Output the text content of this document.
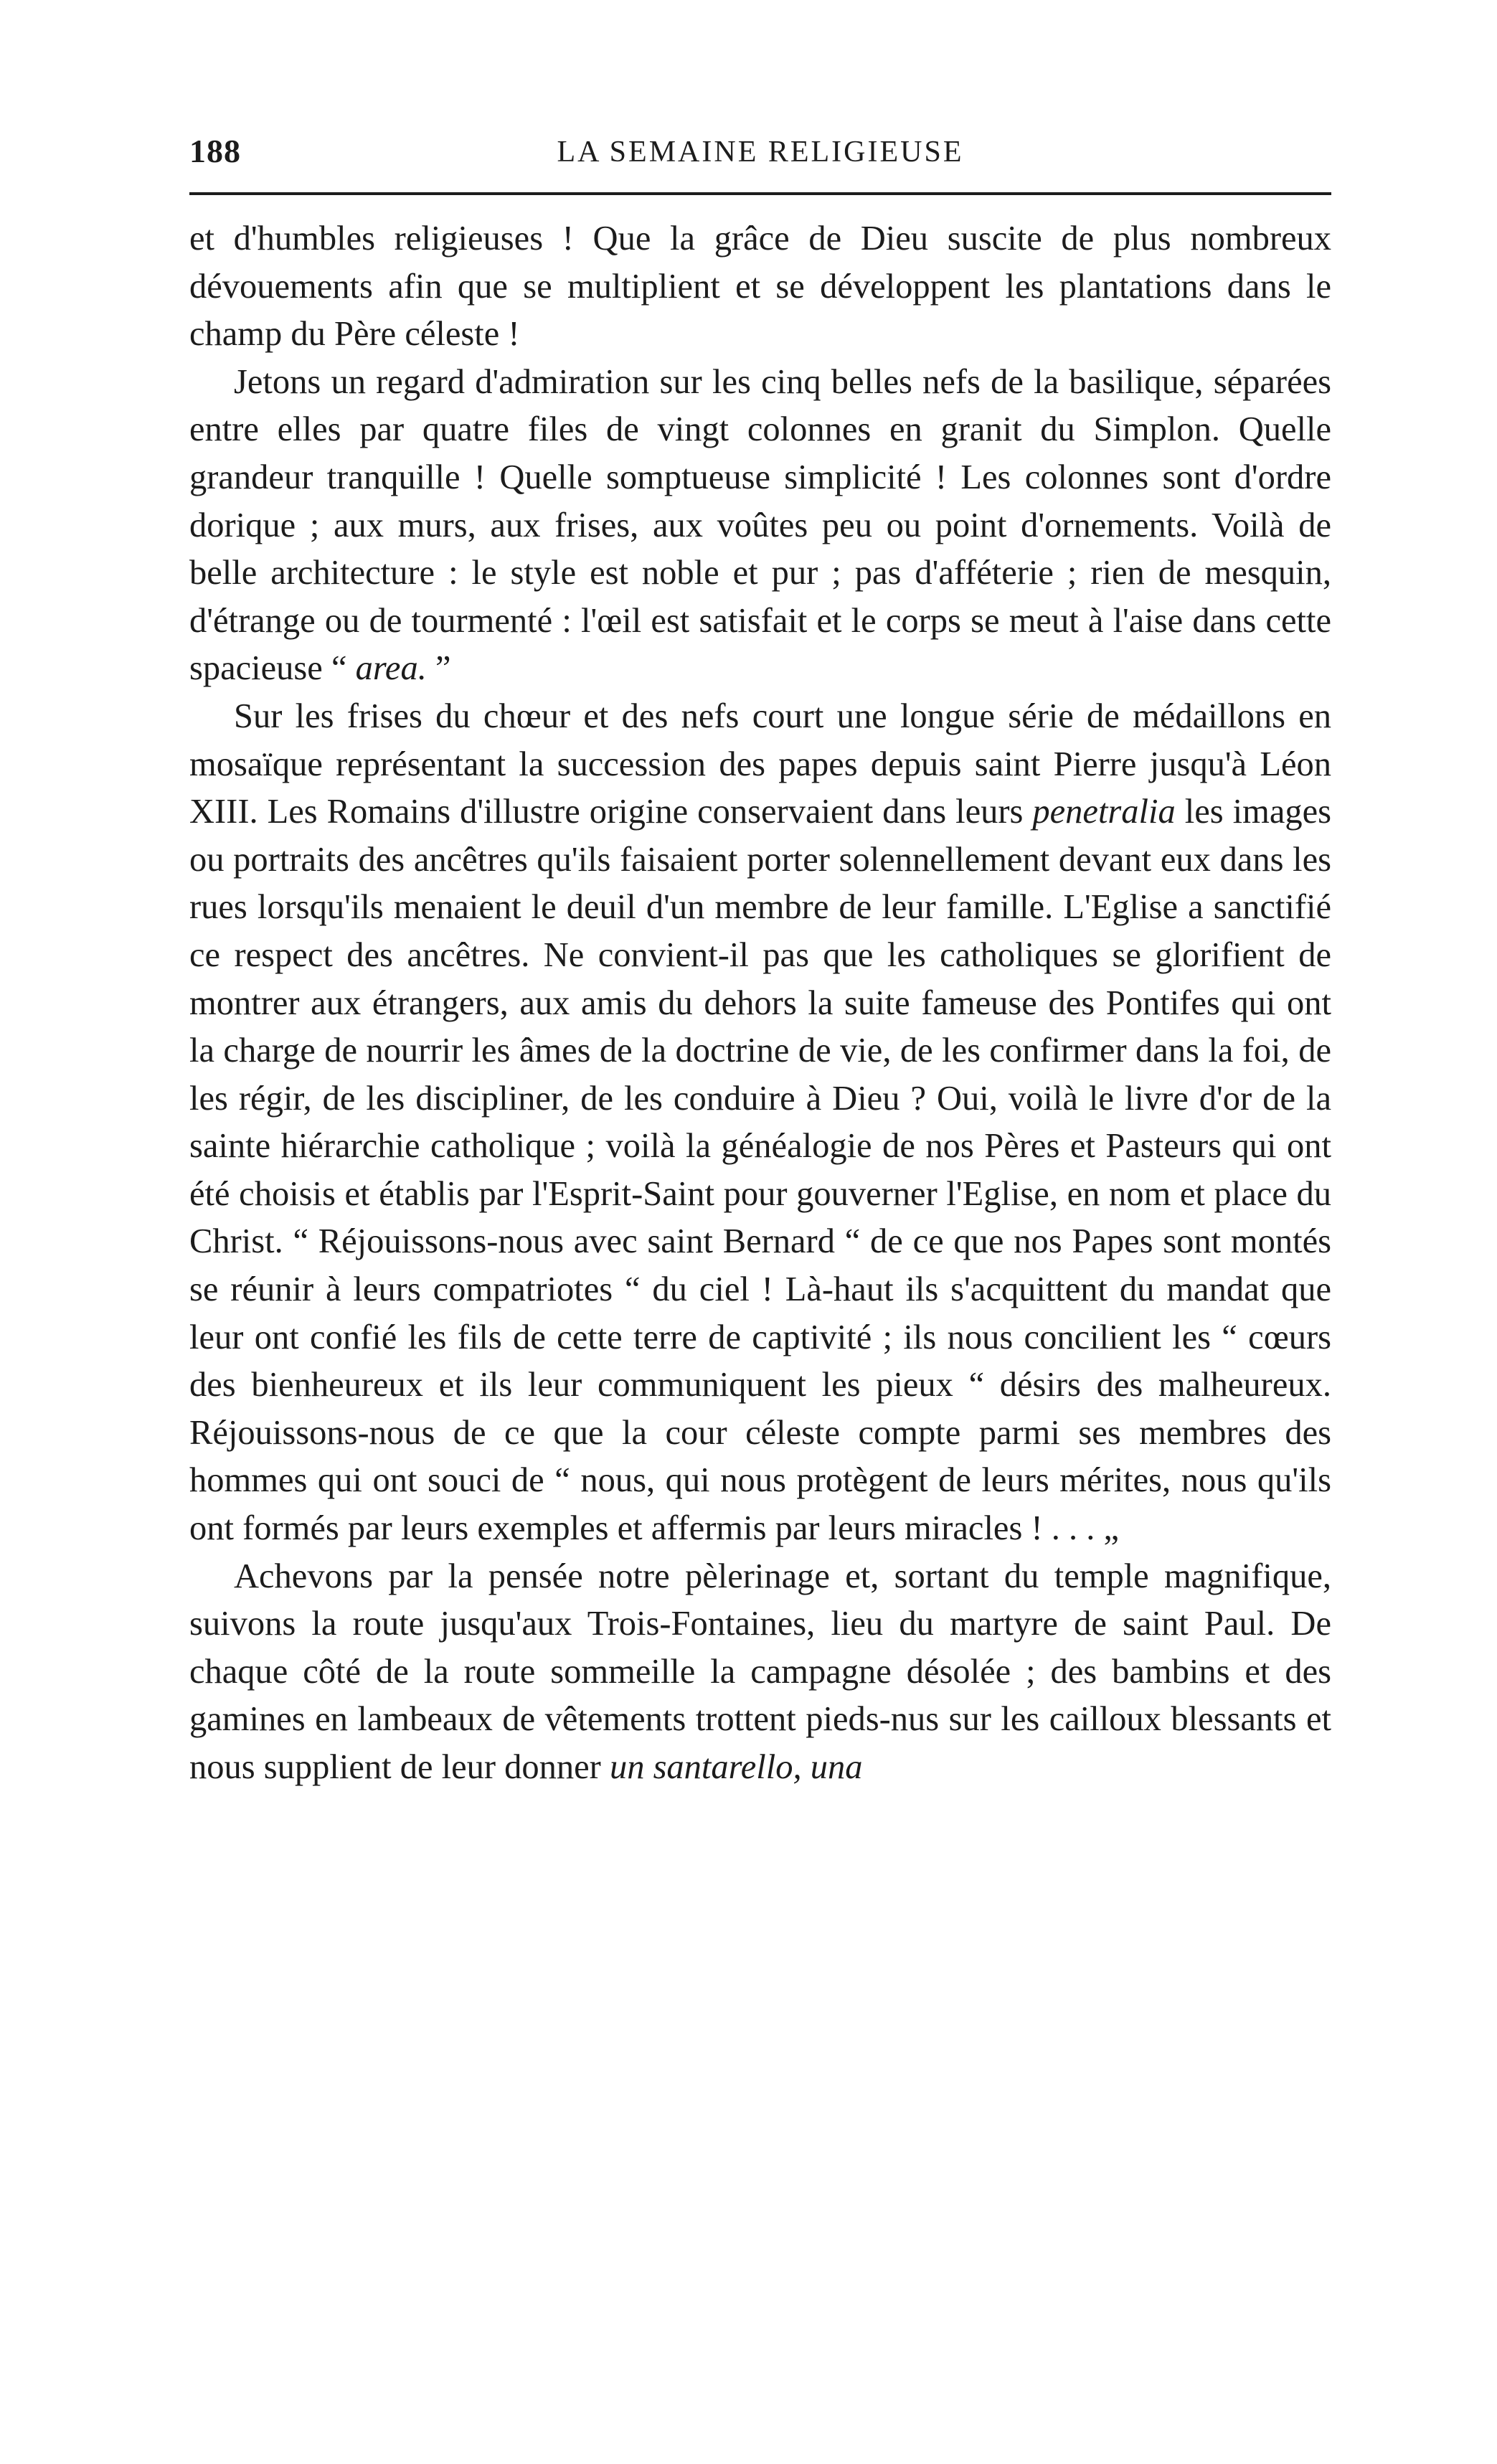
188	LA SEMAINE RELIGIEUSE

et d'humbles religieuses ! Que la grâce de Dieu suscite de plus nombreux dévouements afin que se multiplient et se développent les plantations dans le champ du Père céleste !

Jetons un regard d'admiration sur les cinq belles nefs de la basilique, séparées entre elles par quatre files de vingt colonnes en granit du Simplon. Quelle grandeur tranquille ! Quelle somptueuse simplicité ! Les colonnes sont d'ordre dorique ; aux murs, aux frises, aux voûtes peu ou point d'ornements. Voilà de belle architecture : le style est noble et pur ; pas d'afféterie ; rien de mesquin, d'étrange ou de tourmenté : l'œil est satisfait et le corps se meut à l'aise dans cette spacieuse “ area. ”

Sur les frises du chœur et des nefs court une longue série de médaillons en mosaïque représentant la succession des papes depuis saint Pierre jusqu'à Léon XIII. Les Romains d'illustre origine conservaient dans leurs penetralia les images ou portraits des ancêtres qu'ils faisaient porter solennellement devant eux dans les rues lorsqu'ils menaient le deuil d'un membre de leur famille. L'Eglise a sanctifié ce respect des ancêtres. Ne convient-il pas que les catholiques se glorifient de montrer aux étrangers, aux amis du dehors la suite fameuse des Pontifes qui ont la charge de nourrir les âmes de la doctrine de vie, de les confirmer dans la foi, de les régir, de les discipliner, de les conduire à Dieu ? Oui, voilà le livre d'or de la sainte hiérarchie catholique ; voilà la généalogie de nos Pères et Pasteurs qui ont été choisis et établis par l'Esprit-Saint pour gouverner l'Eglise, en nom et place du Christ. “ Réjouissons-nous avec saint Bernard “ de ce que nos Papes sont montés se réunir à leurs compatriotes “ du ciel ! Là-haut ils s'acquittent du mandat que leur ont confié les fils de cette terre de captivité ; ils nous concilient les “ cœurs des bienheureux et ils leur communiquent les pieux “ désirs des malheureux. Réjouissons-nous de ce que la cour céleste compte parmi ses membres des hommes qui ont souci de “ nous, qui nous protègent de leurs mérites, nous qu'ils ont formés par leurs exemples et affermis par leurs miracles ! . . . „

Achevons par la pensée notre pèlerinage et, sortant du temple magnifique, suivons la route jusqu'aux Trois-Fontaines, lieu du martyre de saint Paul. De chaque côté de la route sommeille la campagne désolée ; des bambins et des gamines en lambeaux de vêtements trottent pieds-nus sur les cailloux blessants et nous supplient de leur donner un santarello, una
